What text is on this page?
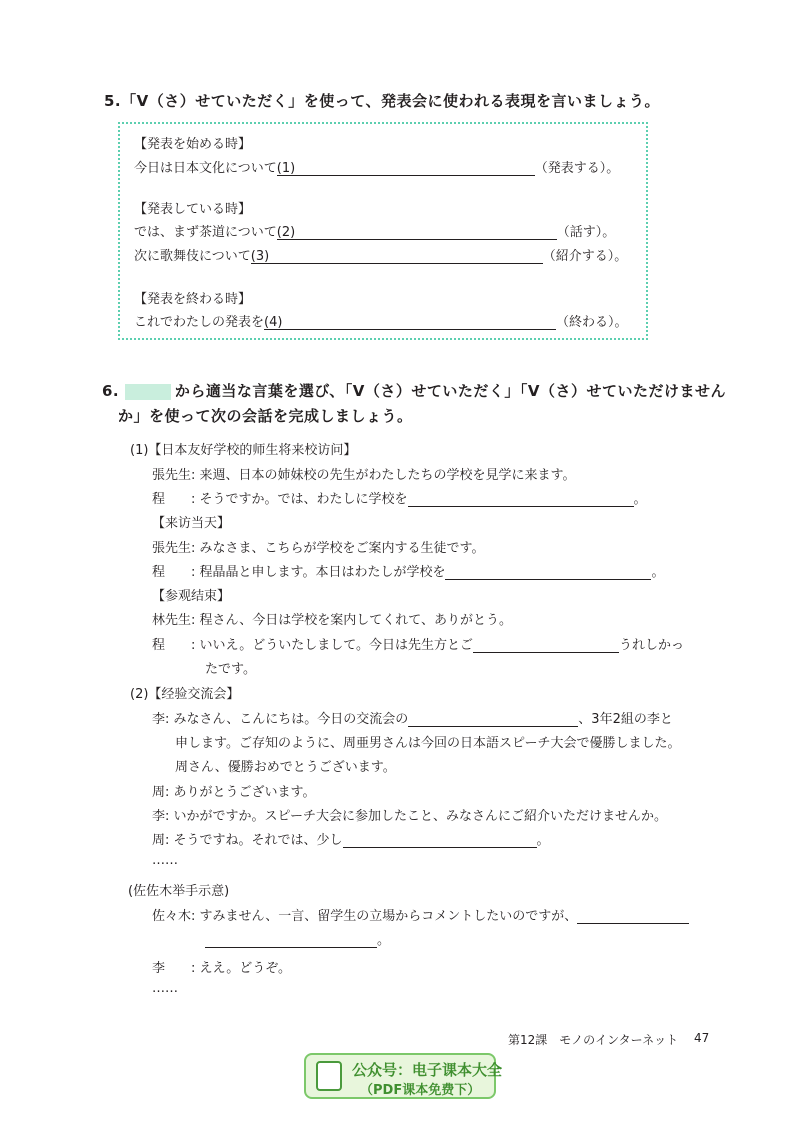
5.「V（さ）せていただく」を使って、発表会に使われる表現を言いましょう。
【発表を始める時】
今日は日本文化について (1)	（発表する）。
【発表している時】
では、まず茶道について (2)	（話す）。
次に歌舞伎について (3)	（紹介する）。
【発表を終わる時】
これでわたしの発表を (4)	（終わる）。
6.	から適当な言葉を選び、「V（さ）せていただく」「V（さ）せていただけません
か」を使って次の会話を完成しましょう。
(1)【日本友好学校的师生将来校访问】
張先生: 来週、日本の姉妹校の先生がわたしたちの学校を見学に来ます。
程　　: そうですか。では、わたしに学校を	。
【来访当天】
張先生: みなさま、こちらが学校をご案内する生徒です。
程　　: 程晶晶と申します。本日はわたしが学校を	。
【参观结束】
林先生: 程さん、今日は学校を案内してくれて、ありがとう。
程　　: いいえ。どういたしまして。今日は先生方とご	うれしかっ
たです。
(2)【经验交流会】
李: みなさん、こんにちは。今日の交流会の	、3年2組の李と
申します。ご存知のように、周亜男さんは今回の日本語スピーチ大会で優勝しました。
周さん、優勝おめでとうございます。
周: ありがとうございます。
李: いかがですか。スピーチ大会に参加したこと、みなさんにご紹介いただけませんか。
周: そうですね。それでは、少し	。
……
(佐佐木举手示意)
佐々木: すみません、一言、留学生の立場からコメントしたいのですが、
。
李　　: ええ。どうぞ。
……
第12課　モノのインターネット 47
公众号：电子课本大全
（PDF课本免费下）
